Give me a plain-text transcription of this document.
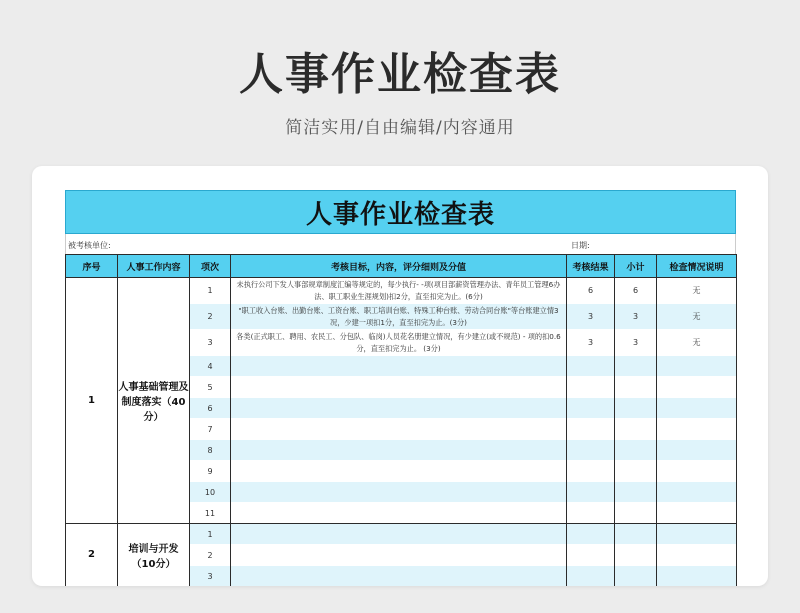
人事作业检查表
简洁实用/自由编辑/内容通用
人事作业检查表
被考核单位:	日期:
序号	人事工作内容	项次	考核目标，内容，评分细则及分值	考核结果	小计	检查情况说明
1	人事基础管理及制度落实（40分）	1	未执行公司下发人事部规章制度汇编等规定的，每少执行- -项(项目部薪资管理办法、青年员工管理6办法、职工职业生涯规划)扣2分，直至扣完为止。(6分)	6	6	无
		2	"职工收入台账、出勤台账、工资台账、职工培训台账、特殊工种台账、劳动合同台账"等台账建立情3况，少建一项扣1分，直至扣完为止。(3分)	3	3	无
		3	各类(正式职工、聘用、农民工、分包队、临岗)人员花名册建立情况，有少建立(或不规范) - 项的扣0.6分，直至扣完为止。 (3分)	3	3	无
		4				
		5				
		6				
		7				
		8				
		9				
		10				
		11				
2	培训与开发（10分）	1				
		2				
		3				
